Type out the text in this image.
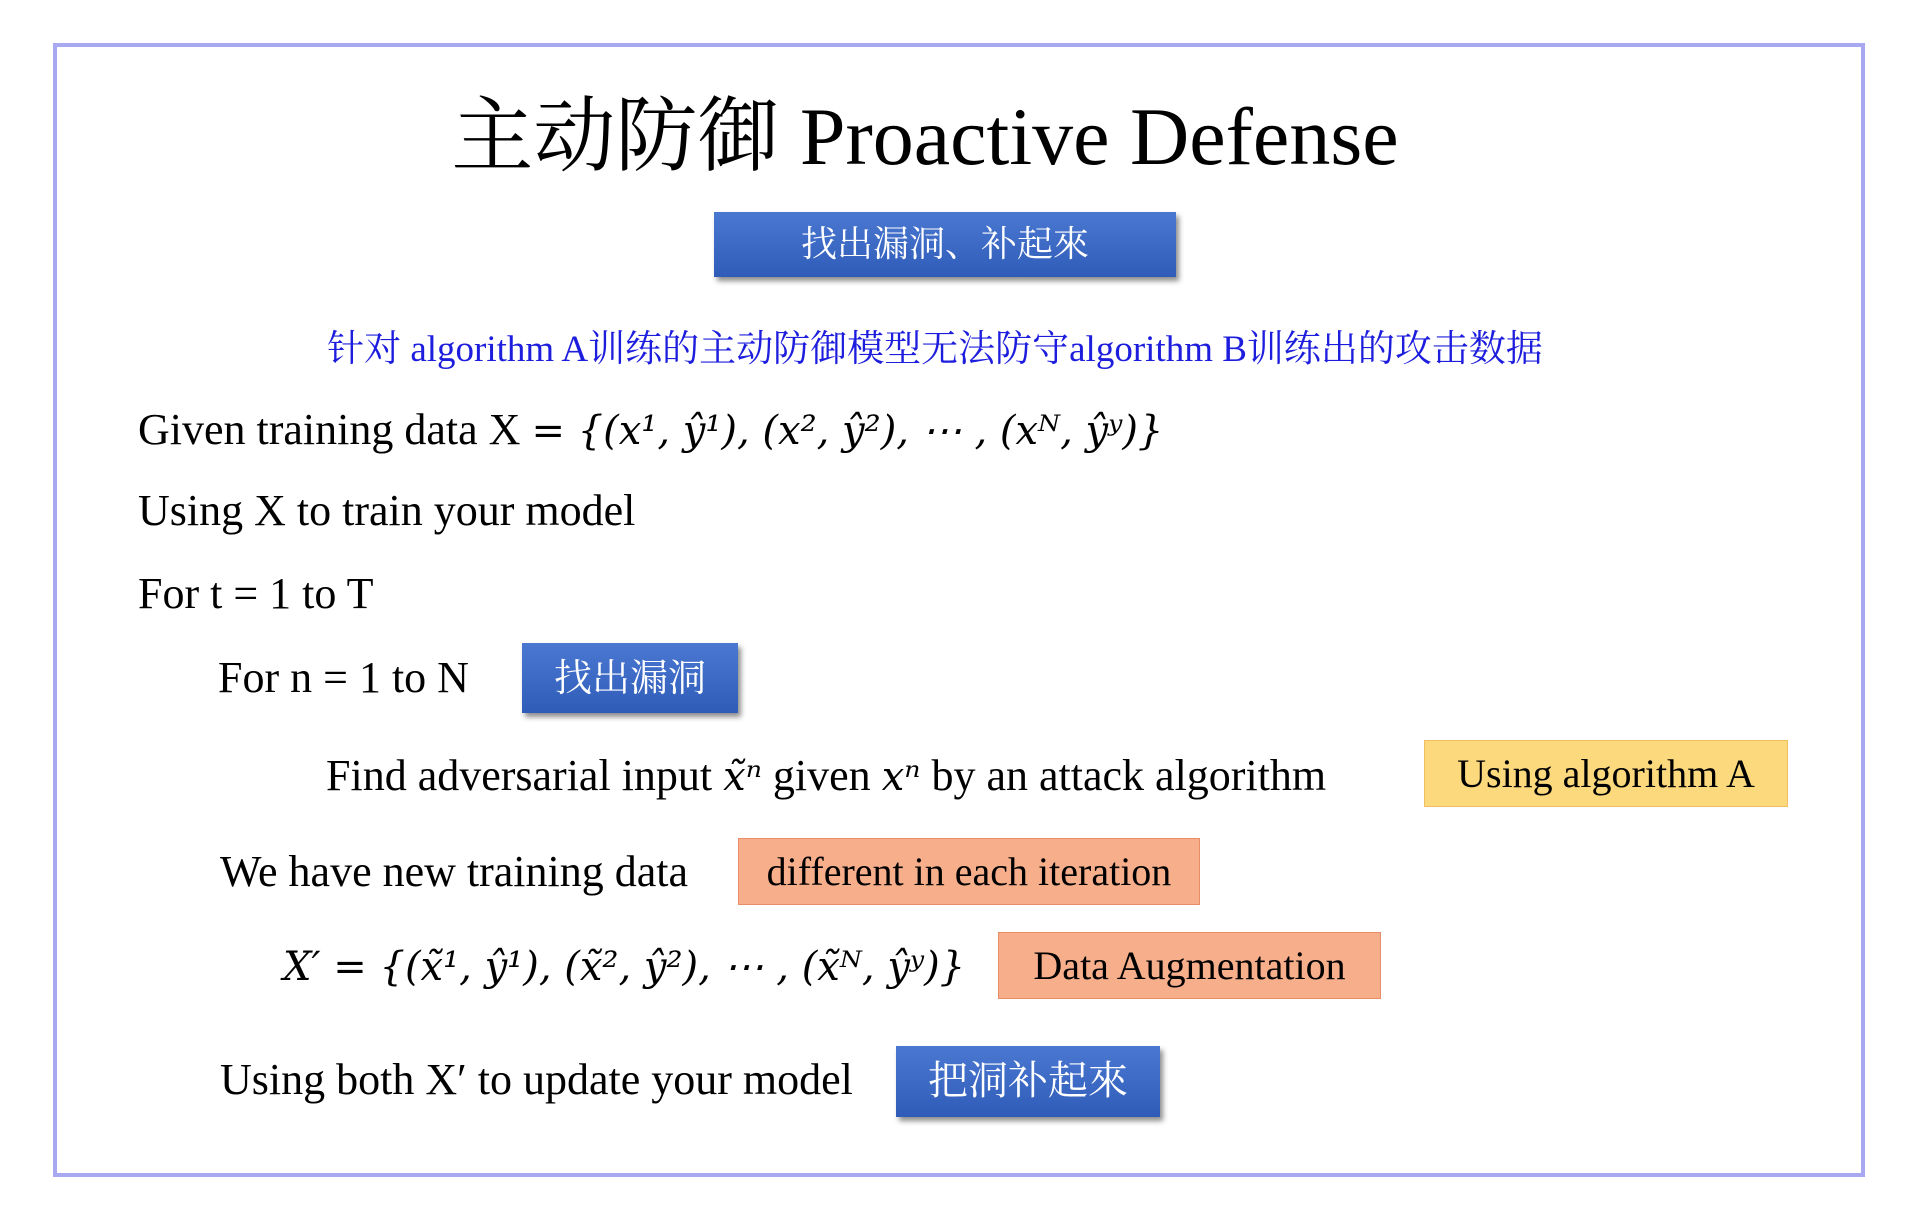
主动防御 Proactive Defense
找出漏洞、补起來
针对 algorithm A训练的主动防御模型无法防守algorithm B训练出的攻击数据
Given training data X = {(x¹, ŷ¹), (x², ŷ²), ⋯ , (xᴺ, ŷʸ)}
Using X to train your model
For t = 1 to T
For n = 1 to N	找出漏洞
Find adversarial input x̃ⁿ given xⁿ by an attack algorithm	Using algorithm A
We have new training data	different in each iteration
X′ = {(x̃¹, ŷ¹), (x̃², ŷ²), ⋯ , (x̃ᴺ, ŷʸ)}	Data Augmentation
Using both X′ to update your model	把洞补起來
